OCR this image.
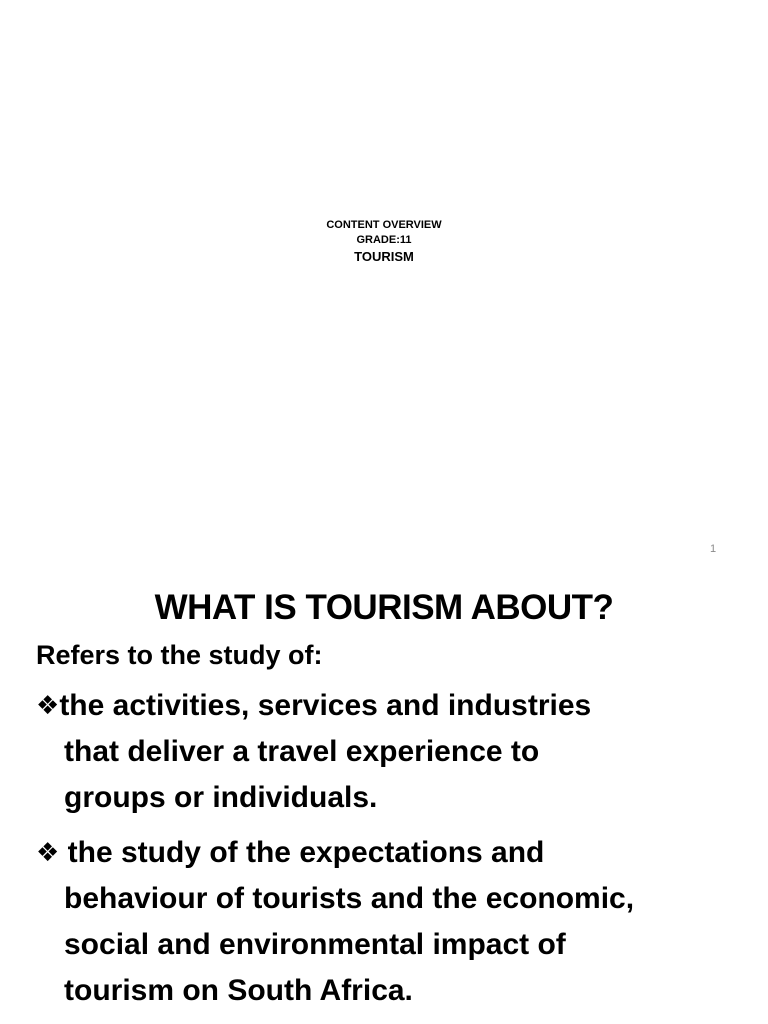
CONTENT OVERVIEW
GRADE:11
TOURISM
1
WHAT IS TOURISM ABOUT?
Refers to the study of:
❖the activities, services and industries
that deliver a travel experience to
groups or individuals.
❖ the study of the expectations and
behaviour of tourists and the economic,
social and environmental impact of
tourism on South Africa.
